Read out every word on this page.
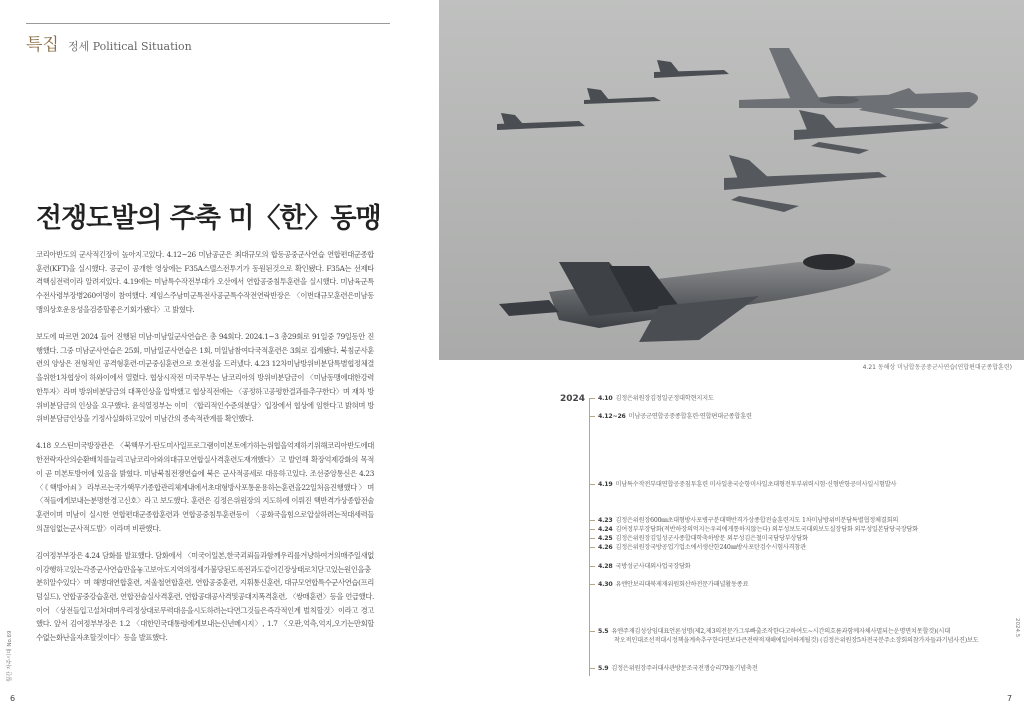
특집 정세 Political Situation
전쟁도발의 주축 미〈한〉동맹

코리아반도의 군사적긴장이 높아지고있다. 4.12~26 미남공군은 최대규모의 합동공중군사연습 연합편대군종합훈련(KFT)을 실시했다. 공군이 공개한 영상에는 F35A스텔스전투기가 동원된것으로 확인됐다. F35A는 선제타격핵심전력이라 알려져있다. 4.19에는 미남특수작전부대가 오산에서 연합공중침투훈련을 실시했다. 미남육군특수전사령부장병260여명이 참여했다. 제임스주남미군특전사공군특수작전연락반장은 〈이번대규모훈련은미남동맹의상호운용성을검증할좋은기회가됐다〉고 밝혔다.

보도에 따르면 2024 들어 진행된 미남·미남일군사연습은 총 94회다. 2024.1~3 총29회로 91일중 79일동안 진행했다. 그중 미남군사연습은 25회, 미남일군사연습은 1회, 미일남참여다국적훈련은 3회로 집계됐다. 북침군사훈련의 양상은 전형적인 공격형훈련·미군중심훈련으로 호전성을 드러냈다. 4.23 12차미남방위비분담특별협정체결을위한1차협상이 하와이에서 열렸다. 협상시작전 미국무부는 남코리아의 방위비분담금이 〈미남동맹에대한강력한투자〉라며 방위비분담금의 대폭인상을 압박했고 협상직전에는 〈공정하고공평한결과를추구한다〉며 재차 방위비분담금의 인상을 요구했다. 윤석열정부는 이미 〈합리적인수준의분담〉입장에서 협상에 임한다고 밝혀며 방위비분담금인상을 기정사실화하고있어 미남간의 종속적관계를 확인했다.

4.18 오스틴미국방장관은 〈북핵무기·탄도미사일프로그램이미본토에가하는위협을억제하기위해코리아반도에대한전략자산의순환배치를늘리고남코리아와의대규모연합실사격훈련도재개했다〉고 발언해 확장억제강화의 목적이 곧 미본토방어에 있음을 밝혔다. 미남북침전쟁연습에 북은 군사적공세로 대응하고있다. 조선중앙통신은 4.23 〈《핵방아쇠》라부르는국가핵무기종합관리체계내에서초대형방사포통운용하는훈련을22일처음진행했다〉며 〈적들에게보내는분명한경고신호〉라고 보도했다. 훈련은 김정은위원장의 지도하에 이뤄진 핵반격가상종합전술훈련이며 미남이 실시한 연합편대군종합훈련과 연합공중침투훈련등이 〈공화국을힘으로압살하려는적대세력들의끊임없는군사적도발〉이라며 비판했다.

김여정부부장은 4.24 담화를 발표했다. 담화에서 〈미국이일본,한국괴뢰들과함께우리를겨냥하여거의매주일새없이강행하고있는각종군사연습만을놓고보아도지역의정세가불당된도록전과도같이긴장상태로치닫고있는원인을충분히알수있다〉며 해병대연합훈련, 저울철연합훈련, 연합공중훈련, 지휘통신훈련, 대규모연합특수군사연습(프리덤실드), 연합공중강습훈련, 연합전술실사격훈련, 연합공대공사격및공대지폭격훈련, 〈쌍매훈련〉등을 언급했다. 이어 〈상전들입고설쳐대며우리정상대로무력대응을시도하려는다면그것들은즉각적인계 벌칙할것〉이라고 경고했다. 앞서 김여정부부장은 1.2 〈대한민국대통령에게보내는신년메시지〉, 1.7 〈오판,억측,억지,오기는만회할수없는화난을자초할것이다〉등을 발표했다.

월간 자주시대 No.69
6
4.21 동해상 미남합동공중군사연습(연합편대군종합훈련)
2024	4.10 김정은위원장김정일군정대학현지지도
4.12~26 미남공군연합공중종합훈련·연합편대군종합훈련
4.19 미남특수작전부대연합공중침투훈련 미사일총국순항미사일초대형전투부위력시험·신형반항공미사일시험발사
4.23 김정은위원장600㎜초대형방사포병구분대핵반격가상종합전술훈련지도 1차미남방위비분담특별협정체결회의
4.24 김여정부부장담화(적반하장의억지는우리에게통하지않는다) 외무성보도국대외보도실장담화 외무성일본담당국장담화
4.25 김정은위원장김일성군사종합대학축하방문 외무성김은철미국담당부상담화
4.26 김정은위원장국방공업기업소에서생산한240㎜방사포탄검수시험사격참관
4.28 국방성군사대외사업국장담화
4.30 유엔안보리대북제재위원회산하전문가패널활동종료
5.5 유엔주재김성상임대표언론성명(제2,제3의전문가그루빠출조작한다고하여도~시간의흐름과함께자체사멸되는운명면치못할것)(시대
착오적인대조선적대시정책을계속추구한다면보다큰전략적재해에일어하게될것) (김정은위원장5차전국분주소장회의참가자들과기념사진)보도
5.9 김정은위원장주러대사관방문조국전쟁승리79돌기념축전
2024.5
7
